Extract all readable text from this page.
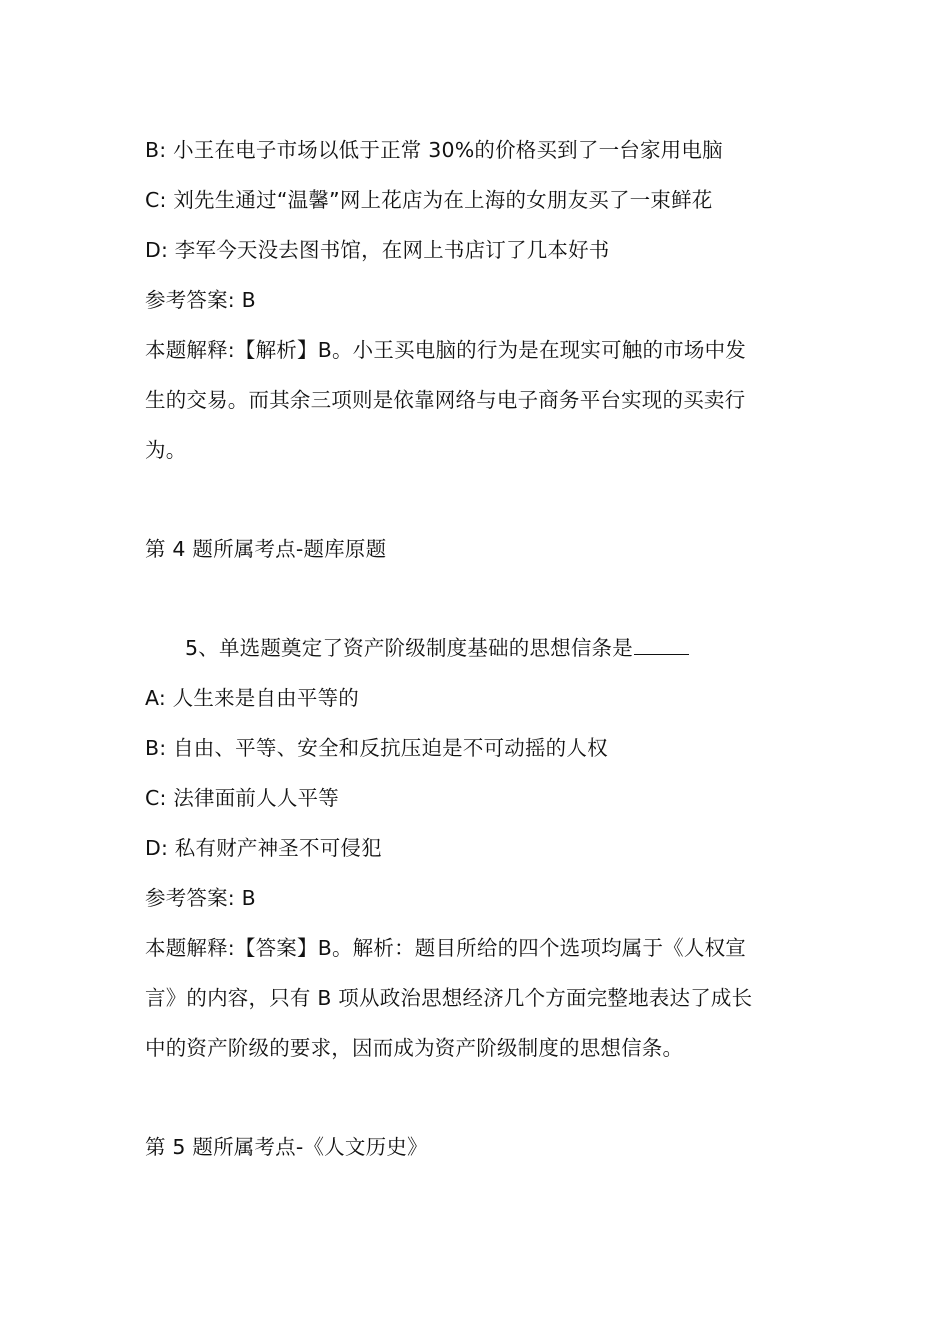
B: 小王在电子市场以低于正常 30%的价格买到了一台家用电脑
C: 刘先生通过“温馨”网上花店为在上海的女朋友买了一束鲜花
D: 李军今天没去图书馆，在网上书店订了几本好书
参考答案: B
本题解释:【解析】B。小王买电脑的行为是在现实可触的市场中发
生的交易。而其余三项则是依靠网络与电子商务平台实现的买卖行
为。
第 4 题所属考点-题库原题
5、单选题奠定了资产阶级制度基础的思想信条是
A: 人生来是自由平等的
B: 自由、平等、安全和反抗压迫是不可动摇的人权
C: 法律面前人人平等
D: 私有财产神圣不可侵犯
参考答案: B
本题解释:【答案】B。解析：题目所给的四个选项均属于《人权宣
言》的内容，只有 B 项从政治思想经济几个方面完整地表达了成长
中的资产阶级的要求，因而成为资产阶级制度的思想信条。
第 5 题所属考点-《人文历史》
